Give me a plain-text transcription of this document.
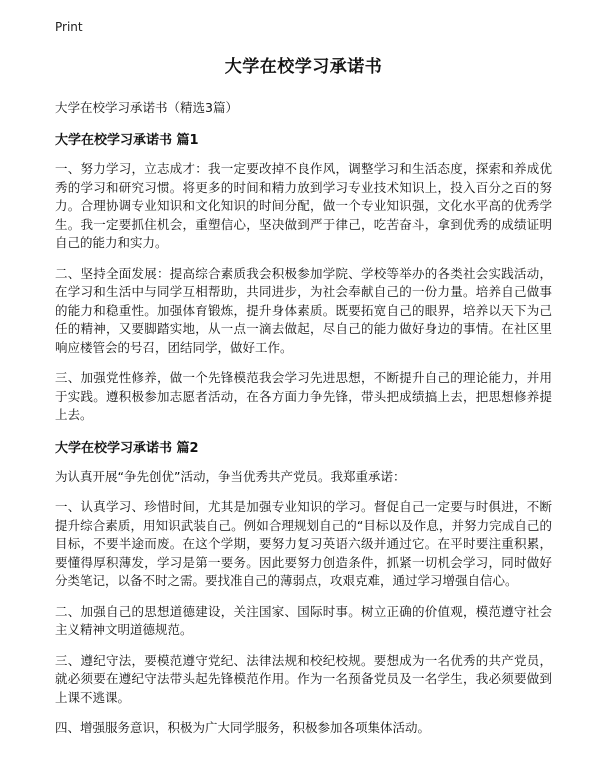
Print
大学在校学习承诺书

大学在校学习承诺书（精选3篇）

大学在校学习承诺书 篇1

一、努力学习，立志成才：我一定要改掉不良作风，调整学习和生活态度，探索和养成优秀的学习和研究习惯。将更多的时间和精力放到学习专业技术知识上，投入百分之百的努力。合理协调专业知识和文化知识的时间分配，做一个专业知识强，文化水平高的优秀学生。我一定要抓住机会，重塑信心，坚决做到严于律己，吃苦奋斗，拿到优秀的成绩证明自己的能力和实力。

二、坚持全面发展：提高综合素质我会积极参加学院、学校等举办的各类社会实践活动，在学习和生活中与同学互相帮助，共同进步，为社会奉献自己的一份力量。培养自己做事的能力和稳重性。加强体育锻炼，提升身体素质。既要拓宽自己的眼界，培养以天下为己任的精神，又要脚踏实地，从一点一滴去做起，尽自己的能力做好身边的事情。在社区里响应楼管会的号召，团结同学，做好工作。

三、加强党性修养，做一个先锋模范我会学习先进思想，不断提升自己的理论能力，并用于实践。遵积极参加志愿者活动，在各方面力争先锋，带头把成绩搞上去，把思想修养提上去。

大学在校学习承诺书 篇2

为认真开展“争先创优”活动，争当优秀共产党员。我郑重承诺：

一、认真学习、珍惜时间，尤其是加强专业知识的学习。督促自己一定要与时俱进，不断提升综合素质，用知识武装自己。例如合理规划自己的“目标以及作息，并努力完成自己的目标，不要半途而废。在这个学期，要努力复习英语六级并通过它。在平时要注重积累，要懂得厚积薄发，学习是第一要务。因此要努力创造条件，抓紧一切机会学习，同时做好分类笔记，以备不时之需。要找准自己的薄弱点，攻艰克难，通过学习增强自信心。

二、加强自己的思想道德建设，关注国家、国际时事。树立正确的价值观，模范遵守社会主义精神文明道德规范。

三、遵纪守法，要模范遵守党纪、法律法规和校纪校规。要想成为一名优秀的共产党员，就必须要在遵纪守法带头起先锋模范作用。作为一名预备党员及一名学生，我必须要做到上课不逃课。

四、增强服务意识，积极为广大同学服务，积极参加各项集体活动。
